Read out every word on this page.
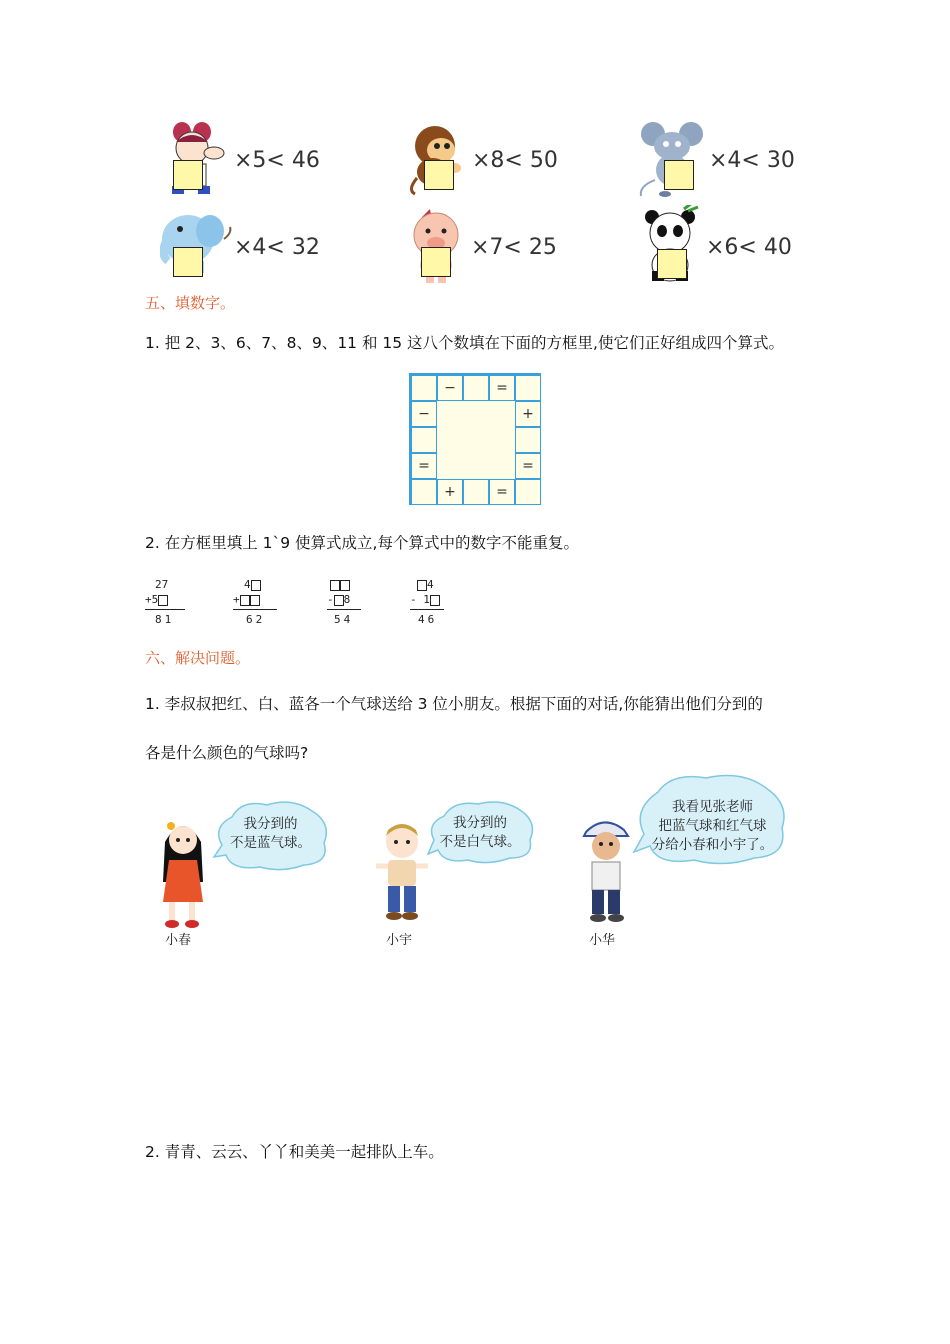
×5< 46	×8< 50	×4< 30
×4< 32	×7< 25	×6< 40
五、填数字。
1. 把 2、3、6、7、8、9、11 和 15 这八个数填在下面的方框里,使它们正好组成四个算式。
−	=
−
=
+
=
+	=
2. 在方框里填上 1`9 使算式成立,每个算式中的数字不能重复。
27
+5
81
4
+
62
- 8
54
4
- 1
46
六、解决问题。
1. 李叔叔把红、白、蓝各一个气球送给 3 位小朋友。根据下面的对话,你能猜出他们分到的
各是什么颜色的气球吗?
我分到的
不是蓝气球。
小春
我分到的
不是白气球。
小宇
我看见张老师
把蓝气球和红气球
分给小春和小宇了。
小华
2. 青青、云云、丫丫和美美一起排队上车。
